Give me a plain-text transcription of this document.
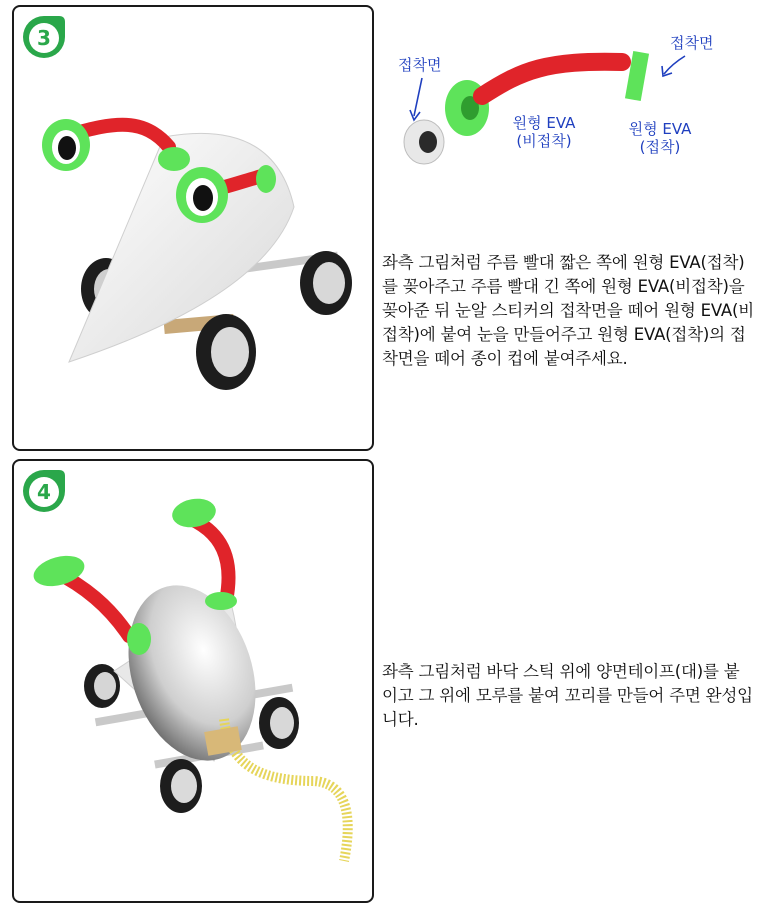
3
접착면
접착면
원형 EVA
(비접착)
원형 EVA
(접착)

좌측 그림처럼 주름 빨대 짧은 쪽에 원형 EVA(접착)를 꽂아주고 주름 빨대 긴 쪽에 원형 EVA(비접착)을 꽂아준 뒤 눈알 스티커의 접착면을 떼어 원형 EVA(비접착)에 붙여 눈을 만들어주고 원형 EVA(접착)의 접착면을 떼어 종이 컵에 붙여주세요.

4

좌측 그림처럼 바닥 스틱 위에 양면테이프(대)를 붙이고 그 위에 모루를 붙여 꼬리를 만들어 주면 완성입니다.
